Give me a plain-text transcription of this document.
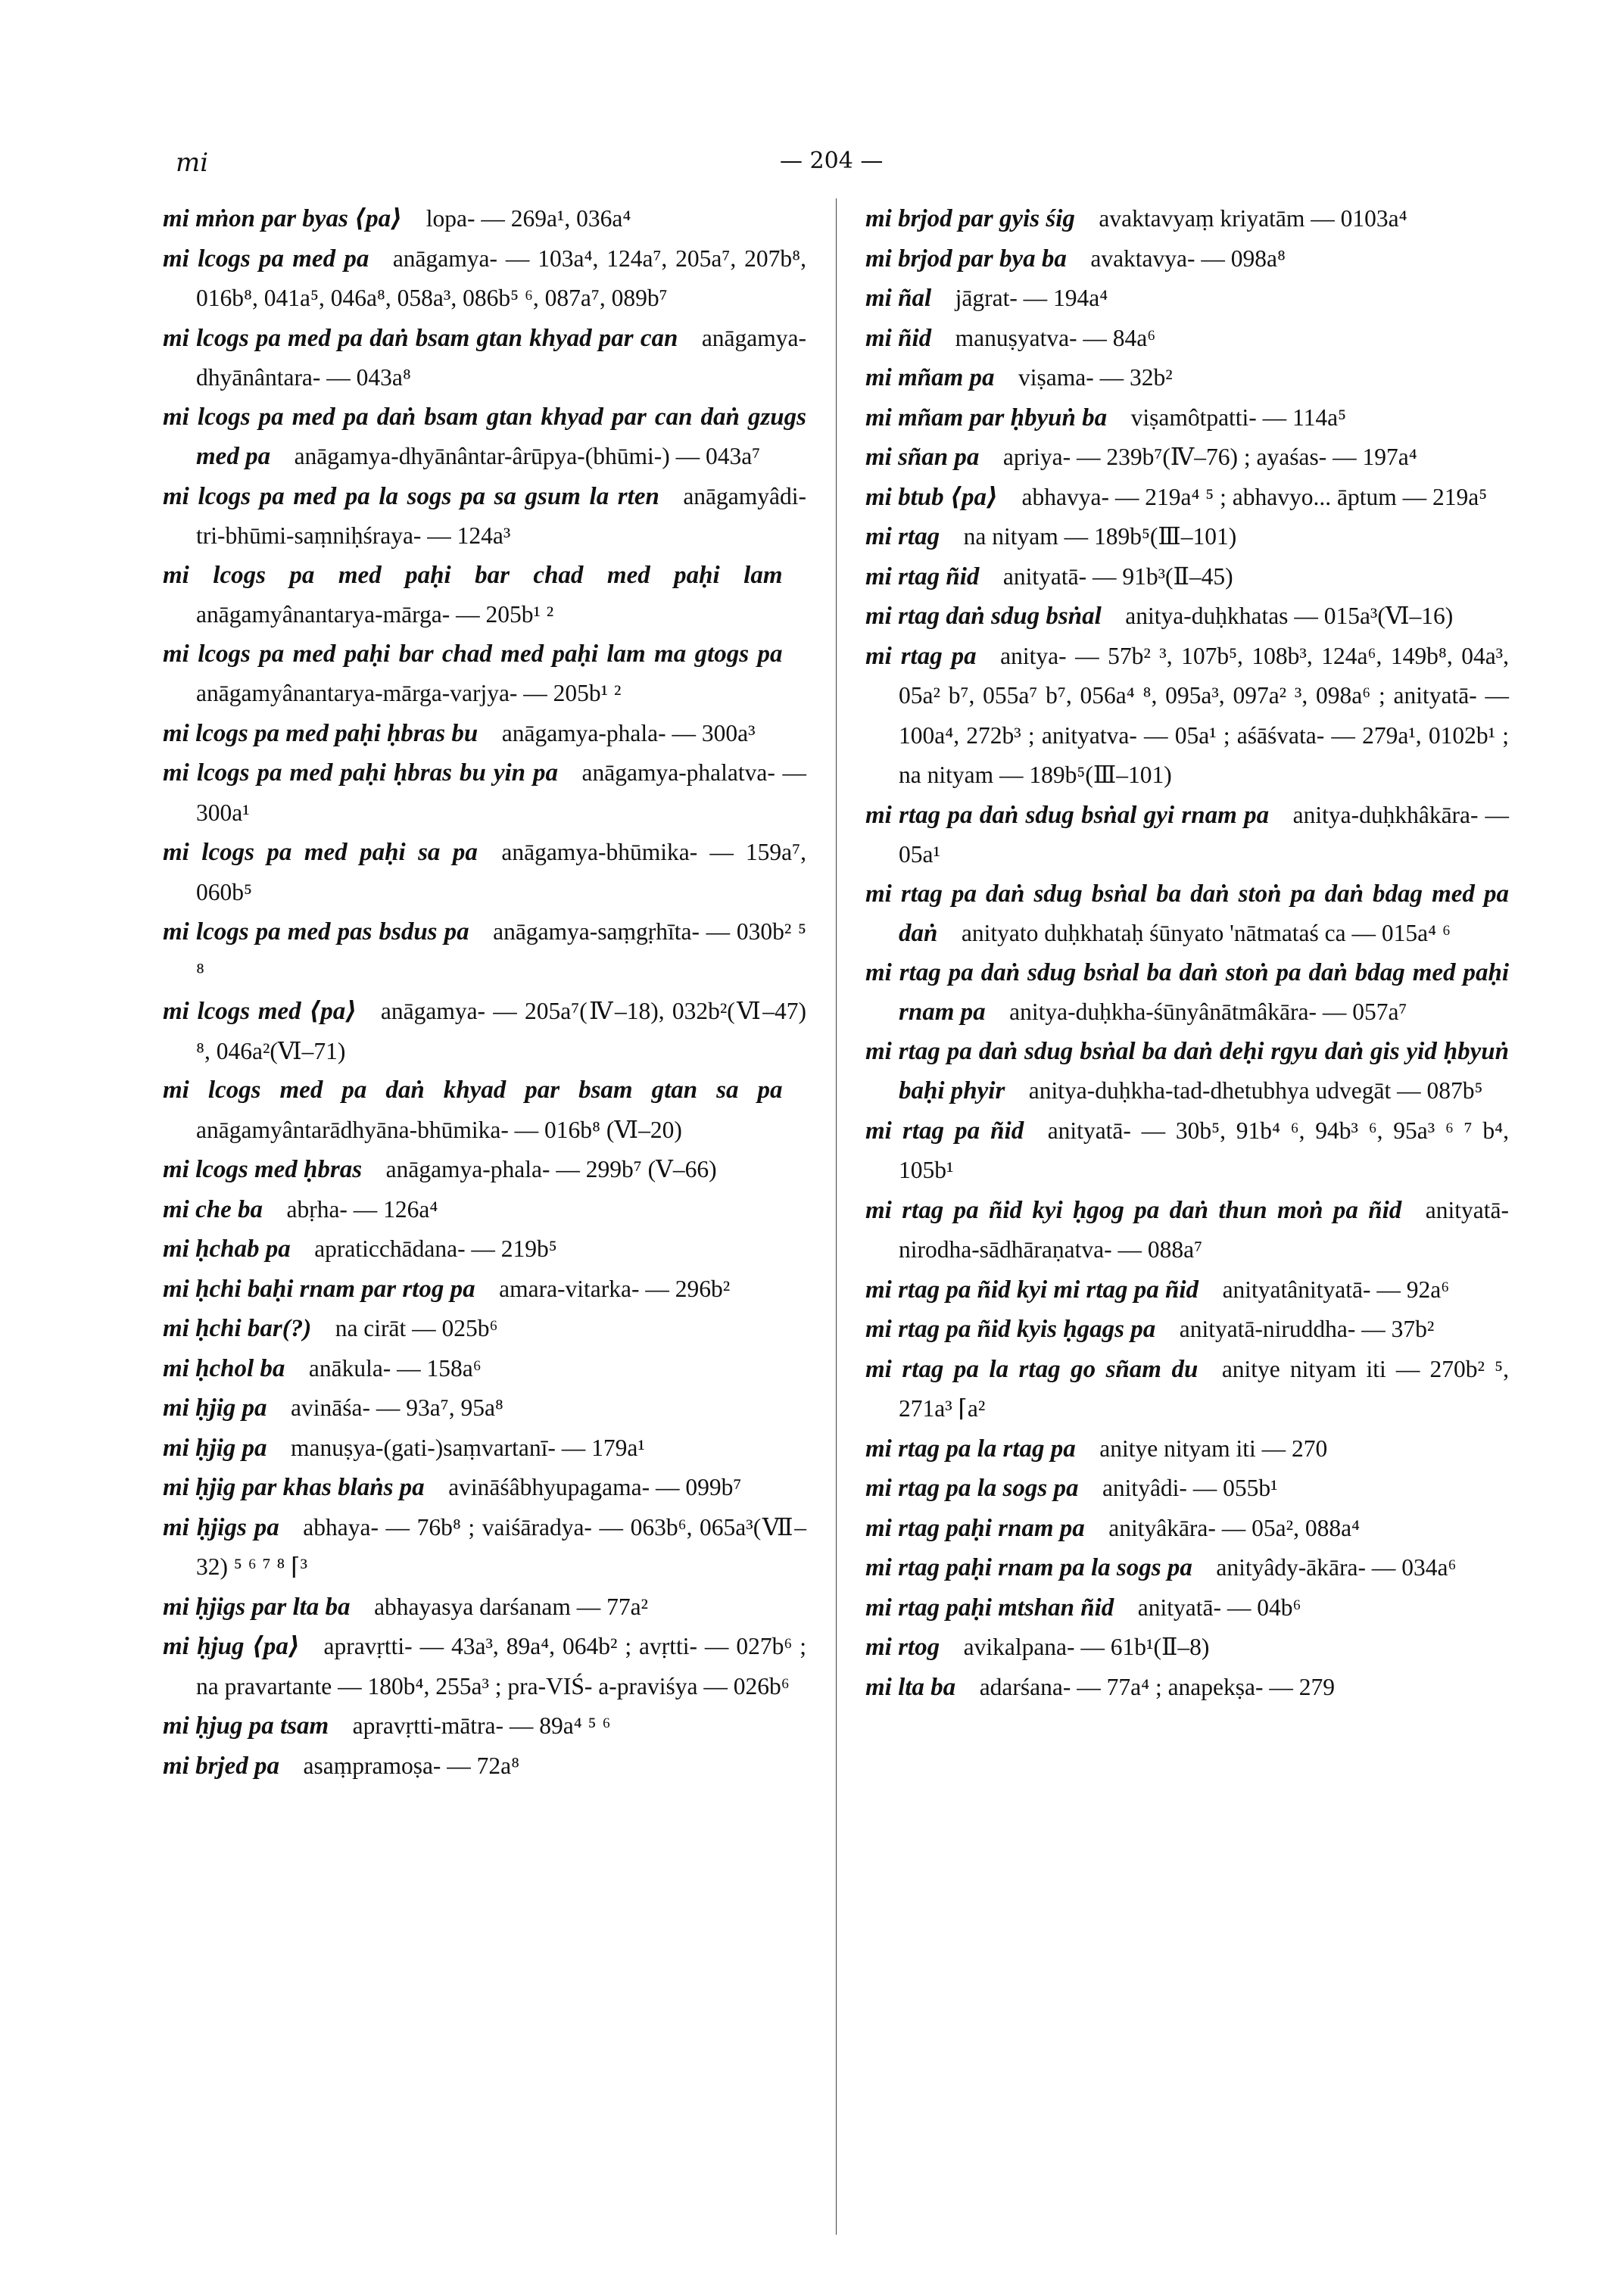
mi	— 204 —
mi mṅon par byas ⟨pa⟩  lopa- — 269a¹, 036a⁴
mi lcogs pa med pa  anāgamya- — 103a⁴, 124a⁷, 205a⁷, 207b⁸, 016b⁸, 041a⁵, 046a⁸, 058a³, 086b⁵ ⁶, 087a⁷, 089b⁷
mi lcogs pa med pa daṅ bsam gtan khyad par can  anāgamya-dhyānântara- — 043a⁸
mi lcogs pa med pa daṅ bsam gtan khyad par can daṅ gzugs med pa  anāgamya-dhyānântar-ârūpya-(bhūmi-) — 043a⁷
mi lcogs pa med pa la sogs pa sa gsum la rten  anāgamyâdi-tri-bhūmi-saṃniḥśraya- — 124a³
mi lcogs pa med paḥi bar chad med paḥi lam anāgamyânantarya-mārga- — 205b¹ ²
mi lcogs pa med paḥi bar chad med paḥi lam ma gtogs pa anāgamyânantarya-mārga-varjya- — 205b¹ ²
mi lcogs pa med paḥi ḥbras bu  anāgamya-phala- — 300a³
mi lcogs pa med paḥi ḥbras bu yin pa  anāgamya-phalatva- — 300a¹
mi lcogs pa med paḥi sa pa  anāgamya-bhūmika- — 159a⁷, 060b⁵
mi lcogs pa med pas bsdus pa  anāgamya-saṃgṛhīta- — 030b² ⁵ ⁸
mi lcogs med ⟨pa⟩  anāgamya- — 205a⁷(Ⅳ–18), 032b²(Ⅵ–47) ⁸, 046a²(Ⅵ–71)
mi lcogs med pa daṅ khyad par bsam gtan sa pa anāgamyântarādhyāna-bhūmika- — 016b⁸ (Ⅵ–20)
mi lcogs med ḥbras  anāgamya-phala- — 299b⁷ (Ⅴ–66)
mi che ba  abṛha- — 126a⁴
mi ḥchab pa  apraticchādana- — 219b⁵
mi ḥchi baḥi rnam par rtog pa  amara-vitarka- — 296b²
mi ḥchi bar(?)  na cirāt — 025b⁶
mi ḥchol ba  anākula- — 158a⁶
mi ḥjig pa  avināśa- — 93a⁷, 95a⁸
mi ḥjig pa  manuṣya-(gati-)saṃvartanī- — 179a¹
mi ḥjig par khas blaṅs pa  avināśâbhyupagama- — 099b⁷
mi ḥjigs pa  abhaya- — 76b⁸ ; vaiśāradya- — 063b⁶, 065a³(Ⅶ–32) ⁵ ⁶ ⁷ ⁸ ⌈³
mi ḥjigs par lta ba  abhayasya darśanam — 77a²
mi ḥjug ⟨pa⟩  apravṛtti- — 43a³, 89a⁴, 064b² ; avṛtti- — 027b⁶ ; na pravartante — 180b⁴, 255a³ ; pra-VIŚ- a-praviśya — 026b⁶
mi ḥjug pa tsam  apravṛtti-mātra- — 89a⁴ ⁵ ⁶
mi brjed pa  asaṃpramoṣa- — 72a⁸
mi brjod par gyis śig  avaktavyaṃ kriyatām — 0103a⁴
mi brjod par bya ba  avaktavya- — 098a⁸
mi ñal  jāgrat- — 194a⁴
mi ñid  manuṣyatva- — 84a⁶
mi mñam pa  viṣama- — 32b²
mi mñam par ḥbyuṅ ba  viṣamôtpatti- — 114a⁵
mi sñan pa  apriya- — 239b⁷(Ⅳ–76) ; ayaśas- — 197a⁴
mi btub ⟨pa⟩  abhavya- — 219a⁴ ⁵ ; abhavyo... āptum — 219a⁵
mi rtag  na nityam — 189b⁵(Ⅲ–101)
mi rtag ñid  anityatā- — 91b³(Ⅱ–45)
mi rtag daṅ sdug bsṅal  anitya-duḥkhatas — 015a³(Ⅵ–16)
mi rtag pa  anitya- — 57b² ³, 107b⁵, 108b³, 124a⁶, 149b⁸, 04a³, 05a² b⁷, 055a⁷ b⁷, 056a⁴ ⁸, 095a³, 097a² ³, 098a⁶ ; anityatā- — 100a⁴, 272b³ ; anityatva- — 05a¹ ; aśāśvata- — 279a¹, 0102b¹ ; na nityam — 189b⁵(Ⅲ–101)
mi rtag pa daṅ sdug bsṅal gyi rnam pa  anitya-duḥkhâkāra- — 05a¹
mi rtag pa daṅ sdug bsṅal ba daṅ stoṅ pa daṅ bdag med pa daṅ  anityato duḥkhataḥ śūnyato 'nātmataś ca — 015a⁴ ⁶
mi rtag pa daṅ sdug bsṅal ba daṅ stoṅ pa daṅ bdag med paḥi rnam pa  anitya-duḥkha-śūnyânātmâkāra- — 057a⁷
mi rtag pa daṅ sdug bsṅal ba daṅ deḥi rgyu daṅ gis yid ḥbyuṅ baḥi phyir  anitya-duḥkha-tad-dhetubhya udvegāt — 087b⁵
mi rtag pa ñid  anityatā- — 30b⁵, 91b⁴ ⁶, 94b³ ⁶, 95a³ ⁶ ⁷ b⁴, 105b¹
mi rtag pa ñid kyi ḥgog pa daṅ thun moṅ pa ñid  anityatā-nirodha-sādhāraṇatva- — 088a⁷
mi rtag pa ñid kyi mi rtag pa ñid  anityatânityatā- — 92a⁶
mi rtag pa ñid kyis ḥgags pa  anityatā-niruddha- — 37b²
mi rtag pa la rtag go sñam du  anitye nityam iti — 270b² ⁵, 271a³ ⌈a²
mi rtag pa la rtag pa  anitye nityam iti — 270
mi rtag pa la sogs pa  anityâdi- — 055b¹
mi rtag paḥi rnam pa  anityâkāra- — 05a², 088a⁴
mi rtag paḥi rnam pa la sogs pa  anityâdy-ākāra- — 034a⁶
mi rtag paḥi mtshan ñid  anityatā- — 04b⁶
mi rtog  avikalpana- — 61b¹(Ⅱ–8)
mi lta ba  adarśana- — 77a⁴ ; anapekṣa- — 279
